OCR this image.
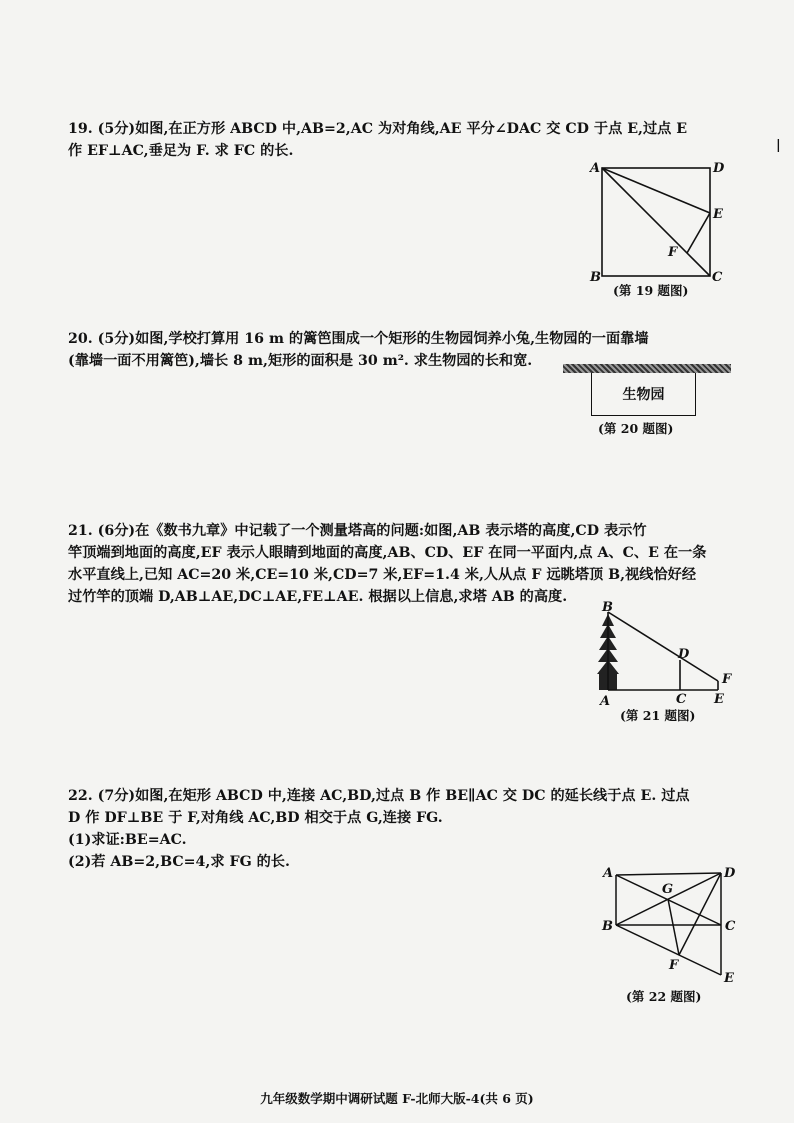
|

19. (5分)如图,在正方形 ABCD 中,AB=2,AC 为对角线,AE 平分∠DAC 交 CD 于点 E,过点 E

作 EF⊥AC,垂足为 F. 求 FC 的长.

A	D
E
F
B	C
(第 19 题图)

20. (5分)如图,学校打算用 16 m 的篱笆围成一个矩形的生物园饲养小兔,生物园的一面靠墙

(靠墙一面不用篱笆),墙长 8 m,矩形的面积是 30 m². 求生物园的长和宽.

生物园
(第 20 题图)

21. (6分)在《数书九章》中记载了一个测量塔高的问题:如图,AB 表示塔的高度,CD 表示竹

竿顶端到地面的高度,EF 表示人眼睛到地面的高度,AB、CD、EF 在同一平面内,点 A、C、E 在一条

水平直线上,已知 AC=20 米,CE=10 米,CD=7 米,EF=1.4 米,人从点 F 远眺塔顶 B,视线恰好经

过竹竿的顶端 D,AB⊥AE,DC⊥AE,FE⊥AE. 根据以上信息,求塔 AB 的高度.

B
D
F
C E
A
(第 21 题图)

22. (7分)如图,在矩形 ABCD 中,连接 AC,BD,过点 B 作 BE∥AC 交 DC 的延长线于点 E. 过点

D 作 DF⊥BE 于 F,对角线 AC,BD 相交于点 G,连接 FG.

(1)求证:BE=AC.

(2)若 AB=2,BC=4,求 FG 的长.

A	D
G
B	C
F
E
(第 22 题图)
九年级数学期中调研试题 F-北师大版-4(共 6 页)
